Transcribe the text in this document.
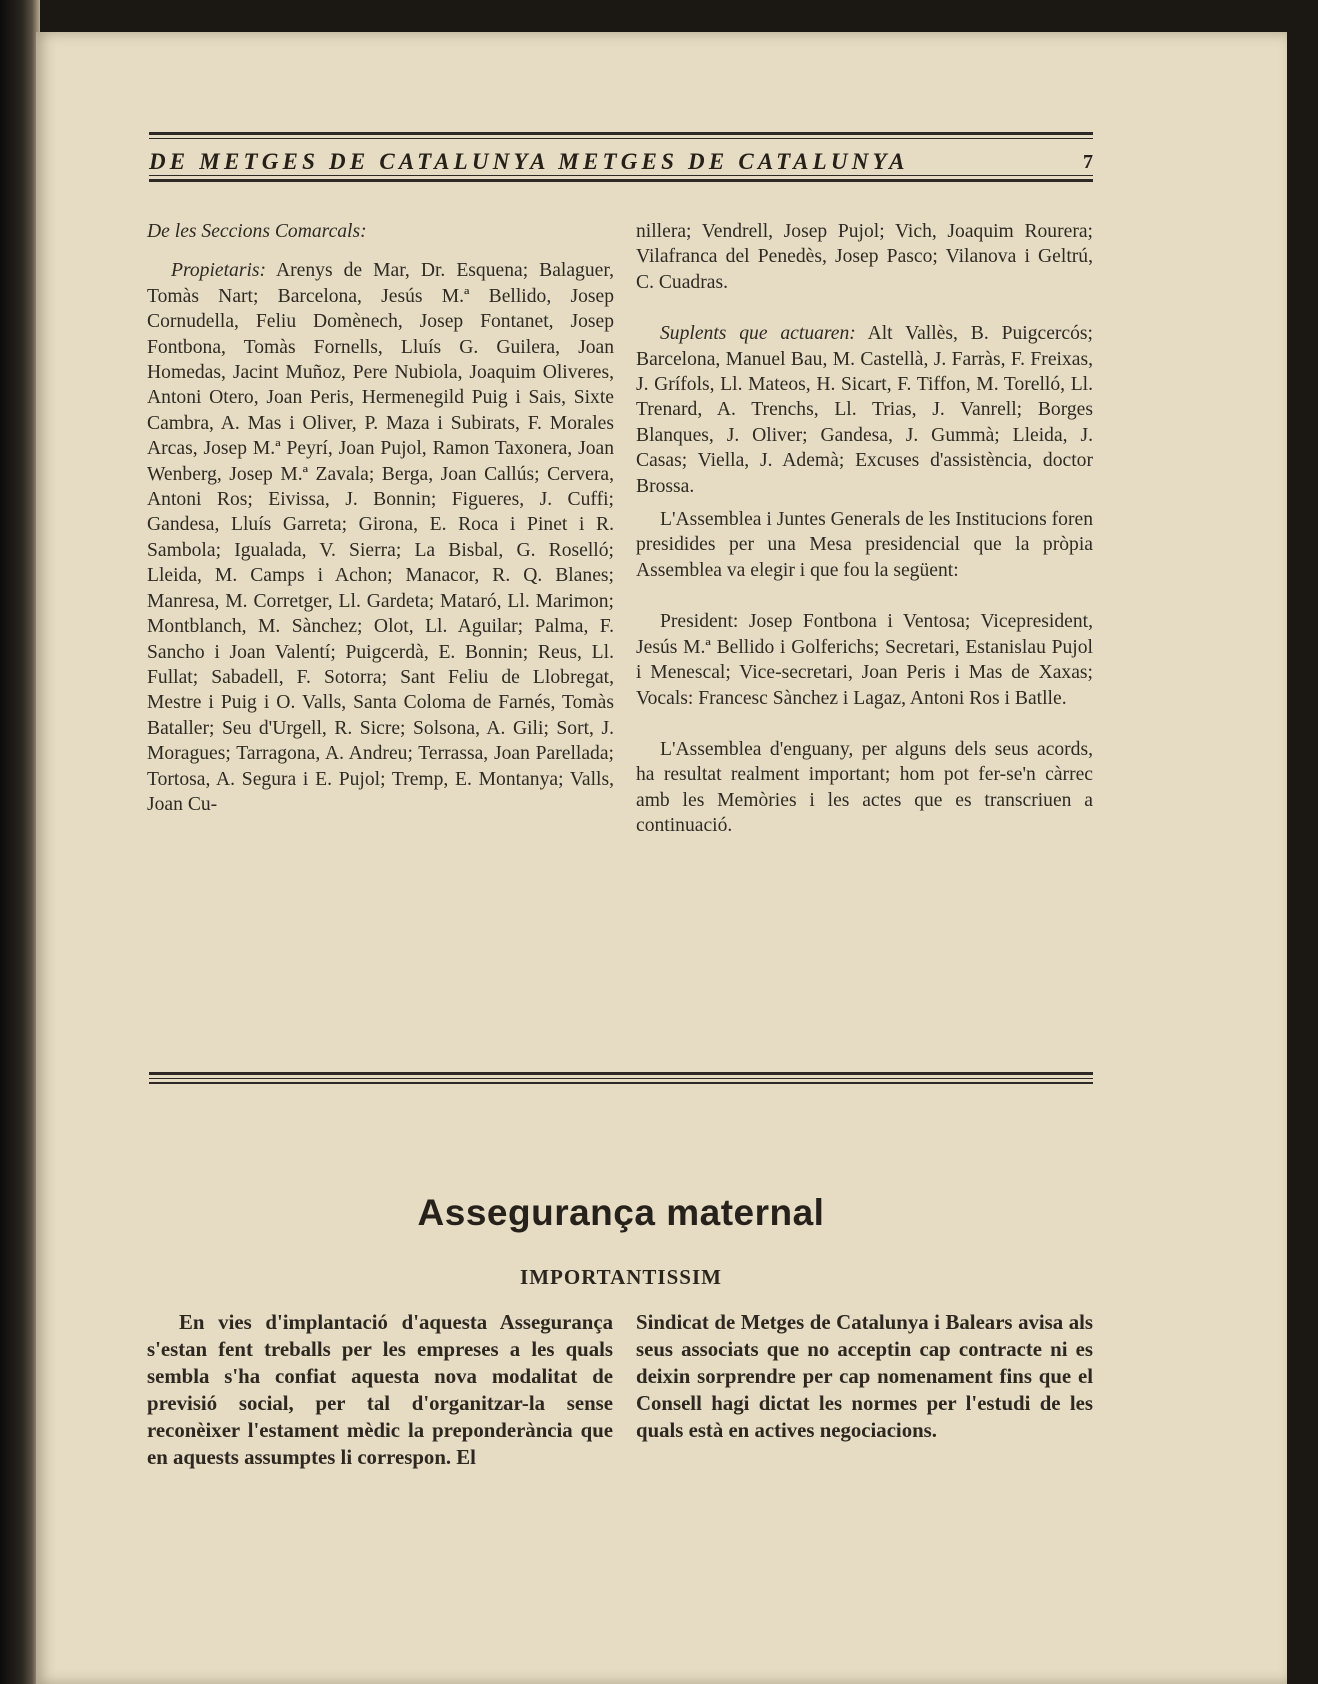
DE METGES DE CATALUNYA METGES DE CATALUNYA	7

De les Seccions Comarcals:

Propietaris: Arenys de Mar, Dr. Esquena; Balaguer, Tomàs Nart; Barcelona, Jesús M.ª Bellido, Josep Cornudella, Feliu Domènech, Josep Fontanet, Josep Fontbona, Tomàs Fornells, Lluís G. Guilera, Joan Homedas, Jacint Muñoz, Pere Nubiola, Joaquim Oliveres, Antoni Otero, Joan Peris, Hermenegild Puig i Sais, Sixte Cambra, A. Mas i Oliver, P. Maza i Subirats, F. Morales Arcas, Josep M.ª Peyrí, Joan Pujol, Ramon Taxonera, Joan Wenberg, Josep M.ª Zavala; Berga, Joan Callús; Cervera, Antoni Ros; Eivissa, J. Bonnin; Figueres, J. Cuffi; Gandesa, Lluís Garreta; Girona, E. Roca i Pinet i R. Sambola; Igualada, V. Sierra; La Bisbal, G. Roselló; Lleida, M. Camps i Achon; Manacor, R. Q. Blanes; Manresa, M. Corretger, Ll. Gardeta; Mataró, Ll. Marimon; Montblanch, M. Sànchez; Olot, Ll. Aguilar; Palma, F. Sancho i Joan Valentí; Puigcerdà, E. Bonnin; Reus, Ll. Fullat; Sabadell, F. Sotorra; Sant Feliu de Llobregat, Mestre i Puig i O. Valls, Santa Coloma de Farnés, Tomàs Bataller; Seu d'Urgell, R. Sicre; Solsona, A. Gili; Sort, J. Moragues; Tarragona, A. Andreu; Terrassa, Joan Parellada; Tortosa, A. Segura i E. Pujol; Tremp, E. Montanya; Valls, Joan Cu-

nillera; Vendrell, Josep Pujol; Vich, Joaquim Rourera; Vilafranca del Penedès, Josep Pasco; Vilanova i Geltrú, C. Cuadras.

Suplents que actuaren: Alt Vallès, B. Puigcercós; Barcelona, Manuel Bau, M. Castellà, J. Farràs, F. Freixas, J. Grífols, Ll. Mateos, H. Sicart, F. Tiffon, M. Torelló, Ll. Trenard, A. Trenchs, Ll. Trias, J. Vanrell; Borges Blanques, J. Oliver; Gandesa, J. Gummà; Lleida, J. Casas; Viella, J. Ademà; Excuses d'assistència, doctor Brossa.

L'Assemblea i Juntes Generals de les Institucions foren presidides per una Mesa presidencial que la pròpia Assemblea va elegir i que fou la següent:

President: Josep Fontbona i Ventosa; Vicepresident, Jesús M.ª Bellido i Golferichs; Secretari, Estanislau Pujol i Menescal; Vice-secretari, Joan Peris i Mas de Xaxas; Vocals: Francesc Sànchez i Lagaz, Antoni Ros i Batlle.

L'Assemblea d'enguany, per alguns dels seus acords, ha resultat realment important; hom pot fer-se'n càrrec amb les Memòries i les actes que es transcriuen a continuació.

Assegurança maternal
IMPORTANTISSIM
En vies d'implantació d'aquesta Assegurança s'estan fent treballs per les empreses a les quals sembla s'ha confiat aquesta nova modalitat de previsió social, per tal d'organitzar-la sense reconèixer l'estament mèdic la preponderància que en aquests assumptes li correspon. El
Sindicat de Metges de Catalunya i Balears avisa als seus associats que no acceptin cap contracte ni es deixin sorprendre per cap nomenament fins que el Consell hagi dictat les normes per l'estudi de les quals està en actives negociacions.
